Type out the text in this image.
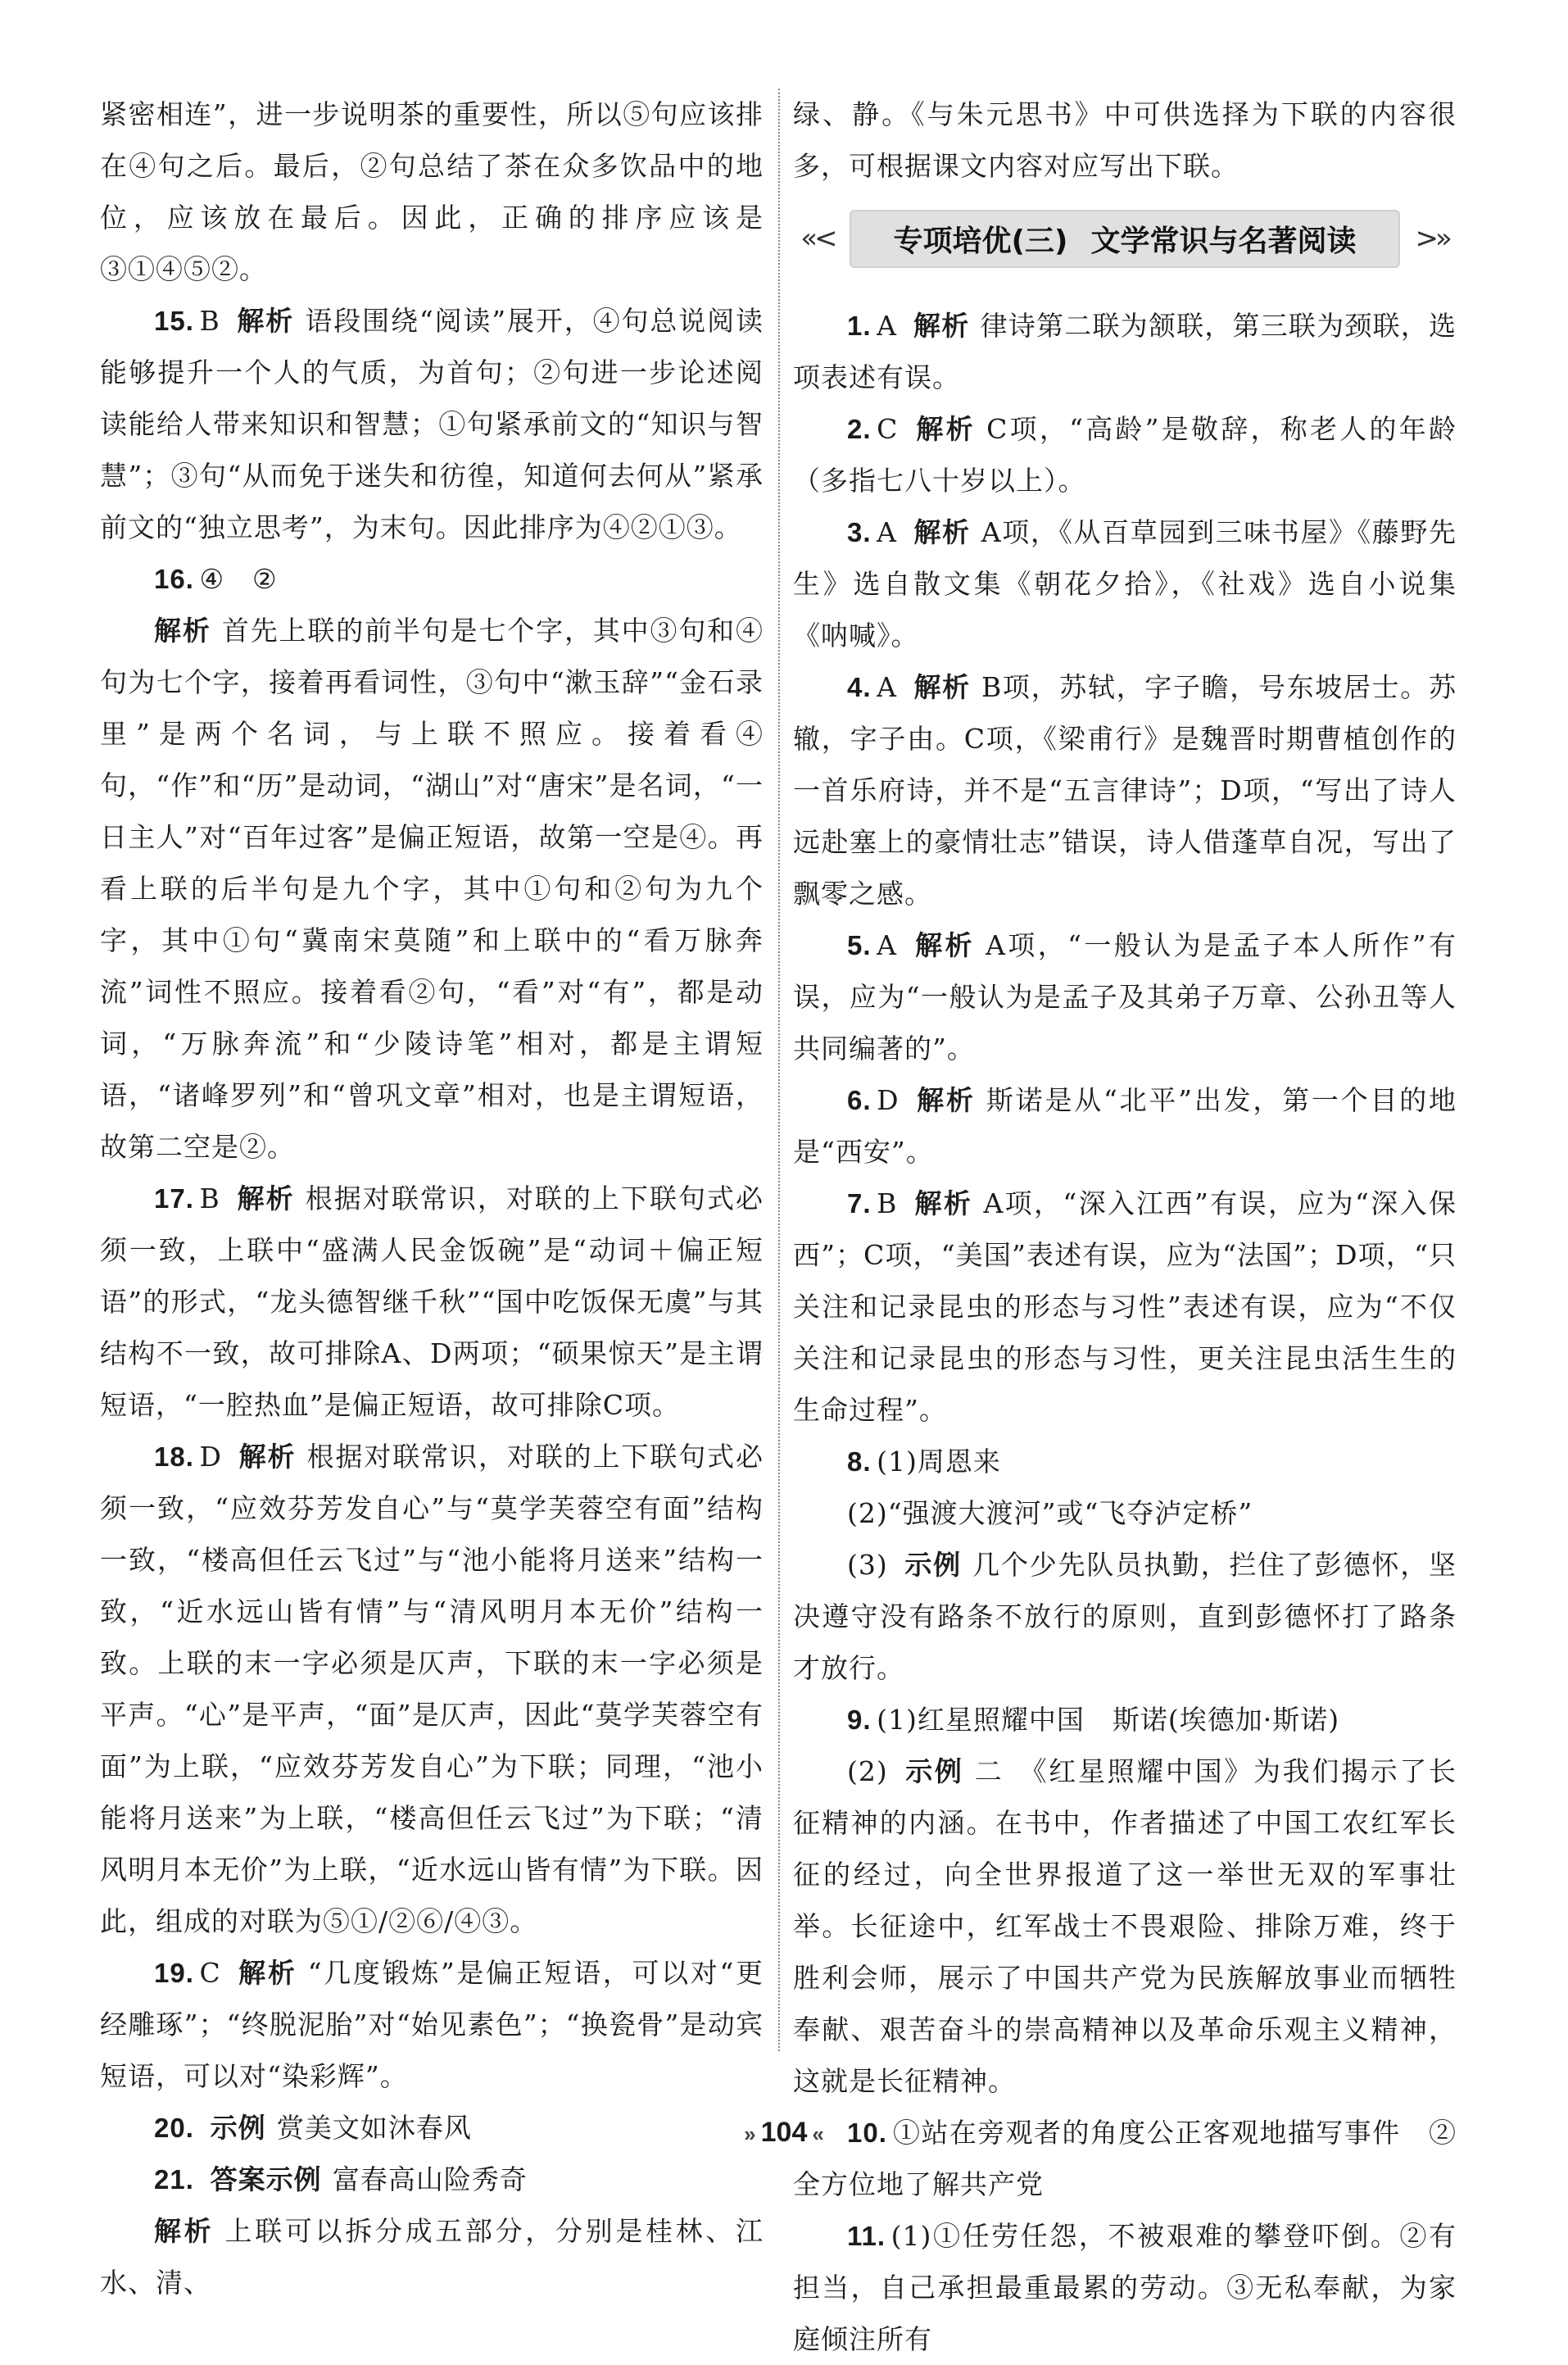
紧密相连”，进一步说明茶的重要性，所以⑤句应该排在④句之后。最后，②句总结了茶在众多饮品中的地位，应该放在最后。因此，正确的排序应该是③①④⑤②。

15. B 解析 语段围绕“阅读”展开，④句总说阅读能够提升一个人的气质，为首句；②句进一步论述阅读能给人带来知识和智慧；①句紧承前文的“知识与智慧”；③句“从而免于迷失和彷徨，知道何去何从”紧承前文的“独立思考”，为末句。因此排序为④②①③。

16. ④　②

解析 首先上联的前半句是七个字，其中③句和④句为七个字，接着再看词性，③句中“漱玉辞”“金石录里”是两个名词，与上联不照应。接着看④句，“作”和“历”是动词，“湖山”对“唐宋”是名词，“一日主人”对“百年过客”是偏正短语，故第一空是④。再看上联的后半句是九个字，其中①句和②句为九个字，其中①句“冀南宋莫随”和上联中的“看万脉奔流”词性不照应。接着看②句，“看”对“有”，都是动词，“万脉奔流”和“少陵诗笔”相对，都是主谓短语，“诸峰罗列”和“曾巩文章”相对，也是主谓短语，故第二空是②。

17. B 解析 根据对联常识，对联的上下联句式必须一致，上联中“盛满人民金饭碗”是“动词＋偏正短语”的形式，“龙头德智继千秋”“国中吃饭保无虞”与其结构不一致，故可排除A、D两项；“硕果惊天”是主谓短语，“一腔热血”是偏正短语，故可排除C项。

18. D 解析 根据对联常识，对联的上下联句式必须一致，“应效芬芳发自心”与“莫学芙蓉空有面”结构一致，“楼高但任云飞过”与“池小能将月送来”结构一致，“近水远山皆有情”与“清风明月本无价”结构一致。上联的末一字必须是仄声，下联的末一字必须是平声。“心”是平声，“面”是仄声，因此“莫学芙蓉空有面”为上联，“应效芬芳发自心”为下联；同理，“池小能将月送来”为上联，“楼高但任云飞过”为下联；“清风明月本无价”为上联，“近水远山皆有情”为下联。因此，组成的对联为⑤①/②⑥/④③。

19. C 解析 “几度锻炼”是偏正短语，可以对“更经雕琢”；“终脱泥胎”对“始见素色”；“换瓷骨”是动宾短语，可以对“染彩辉”。

20. 示例 赏美文如沐春风

21. 答案示例 富春高山险秀奇

解析 上联可以拆分成五部分，分别是桂林、江水、清、

绿、静。《与朱元思书》中可供选择为下联的内容很多，可根据课文内容对应写出下联。

«<	专项培优(三) 文学常识与名著阅读	>»

1. A 解析 律诗第二联为颔联，第三联为颈联，选项表述有误。

2. C 解析 C项，“高龄”是敬辞，称老人的年龄（多指七八十岁以上）。

3. A 解析 A项，《从百草园到三味书屋》《藤野先生》选自散文集《朝花夕拾》，《社戏》选自小说集《呐喊》。

4. A 解析 B项，苏轼，字子瞻，号东坡居士。苏辙，字子由。C项，《梁甫行》是魏晋时期曹植创作的一首乐府诗，并不是“五言律诗”；D项，“写出了诗人远赴塞上的豪情壮志”错误，诗人借蓬草自况，写出了飘零之感。

5. A 解析 A项，“一般认为是孟子本人所作”有误，应为“一般认为是孟子及其弟子万章、公孙丑等人共同编著的”。

6. D 解析 斯诺是从“北平”出发，第一个目的地是“西安”。

7. B 解析 A项，“深入江西”有误，应为“深入保西”；C项，“美国”表述有误，应为“法国”；D项，“只关注和记录昆虫的形态与习性”表述有误，应为“不仅关注和记录昆虫的形态与习性，更关注昆虫活生生的生命过程”。

8. (1)周恩来

(2)“强渡大渡河”或“飞夺泸定桥”

(3) 示例 几个少先队员执勤，拦住了彭德怀，坚决遵守没有路条不放行的原则，直到彭德怀打了路条才放行。

9. (1)红星照耀中国　斯诺(埃德加·斯诺)

(2) 示例 二　《红星照耀中国》为我们揭示了长征精神的内涵。在书中，作者描述了中国工农红军长征的经过，向全世界报道了这一举世无双的军事壮举。长征途中，红军战士不畏艰险、排除万难，终于胜利会师，展示了中国共产党为民族解放事业而牺牲奉献、艰苦奋斗的崇高精神以及革命乐观主义精神，这就是长征精神。

10. ①站在旁观者的角度公正客观地描写事件　②全方位地了解共产党

11. (1)①任劳任怨，不被艰难的攀登吓倒。②有担当，自己承担最重最累的劳动。③无私奉献，为家庭倾注所有

» 104 «
